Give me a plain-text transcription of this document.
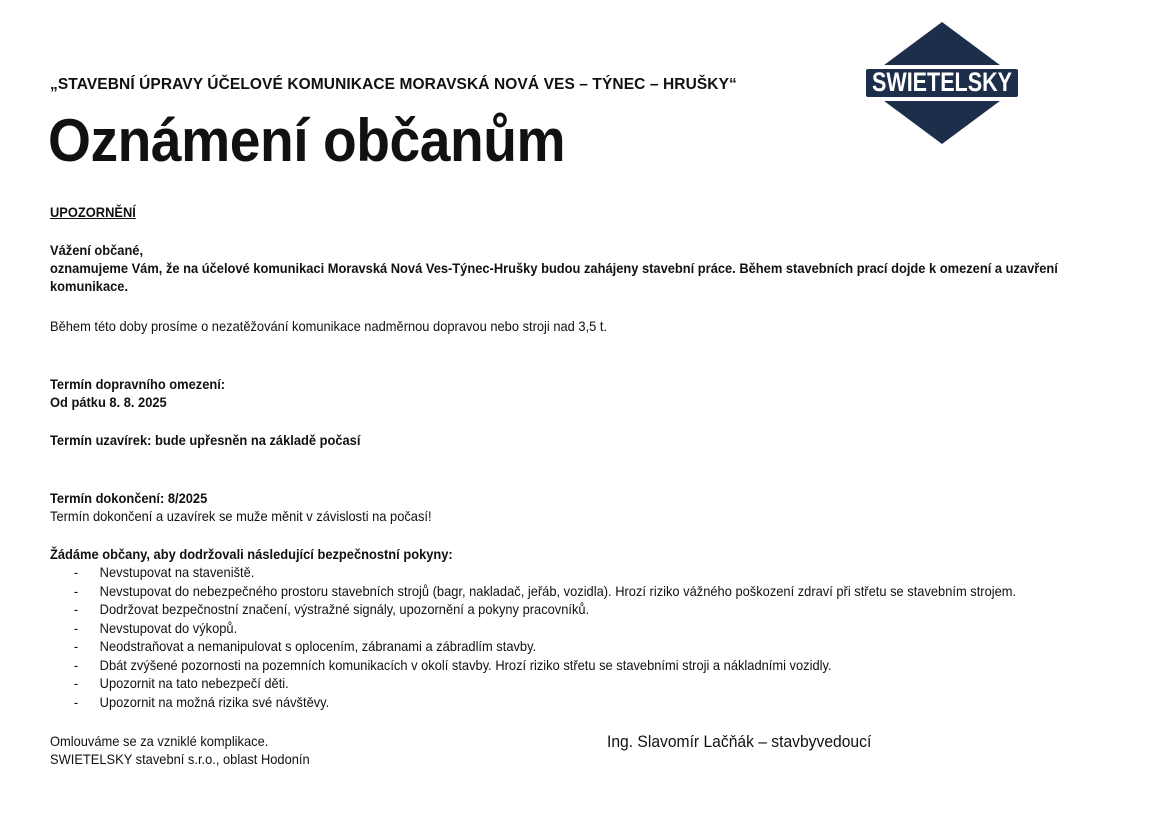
„STAVEBNÍ ÚPRAVY ÚČELOVÉ KOMUNIKACE MORAVSKÁ NOVÁ VES – TÝNEC – HRUŠKY“
Oznámení občanům
SWIETELSKY
UPOZORNĚNÍ
Vážení občané,
oznamujeme Vám, že na účelové komunikaci Moravská Nová Ves-Týnec-Hrušky budou zahájeny stavební práce. Během stavebních prací dojde k omezení a uzavření komunikace.
Během této doby prosíme o nezatěžování komunikace nadměrnou dopravou nebo stroji nad 3,5 t.
Termín dopravního omezení:
Od pátku 8. 8. 2025
Termín uzavírek: bude upřesněn na základě počasí
Termín dokončení: 8/2025
Termín dokončení a uzavírek se muže měnit v závislosti na počasí!
Žádáme občany, aby dodržovali následující bezpečnostní pokyny:
- Nevstupovat na staveniště.
- Nevstupovat do nebezpečného prostoru stavebních strojů (bagr, nakladač, jeřáb, vozidla). Hrozí riziko vážného poškození zdraví při střetu se stavebním strojem.
- Dodržovat bezpečnostní značení, výstražné signály, upozornění a pokyny pracovníků.
- Nevstupovat do výkopů.
- Neodstraňovat a nemanipulovat s oplocením, zábranami a zábradlím stavby.
- Dbát zvýšené pozornosti na pozemních komunikacích v okolí stavby. Hrozí riziko střetu se stavebními stroji a nákladními vozidly.
- Upozornit na tato nebezpečí děti.
- Upozornit na možná rizika své návštěvy.
Omlouváme se za vzniklé komplikace.
SWIETELSKY stavební s.r.o., oblast Hodonín
Ing. Slavomír Lačňák – stavbyvedoucí
